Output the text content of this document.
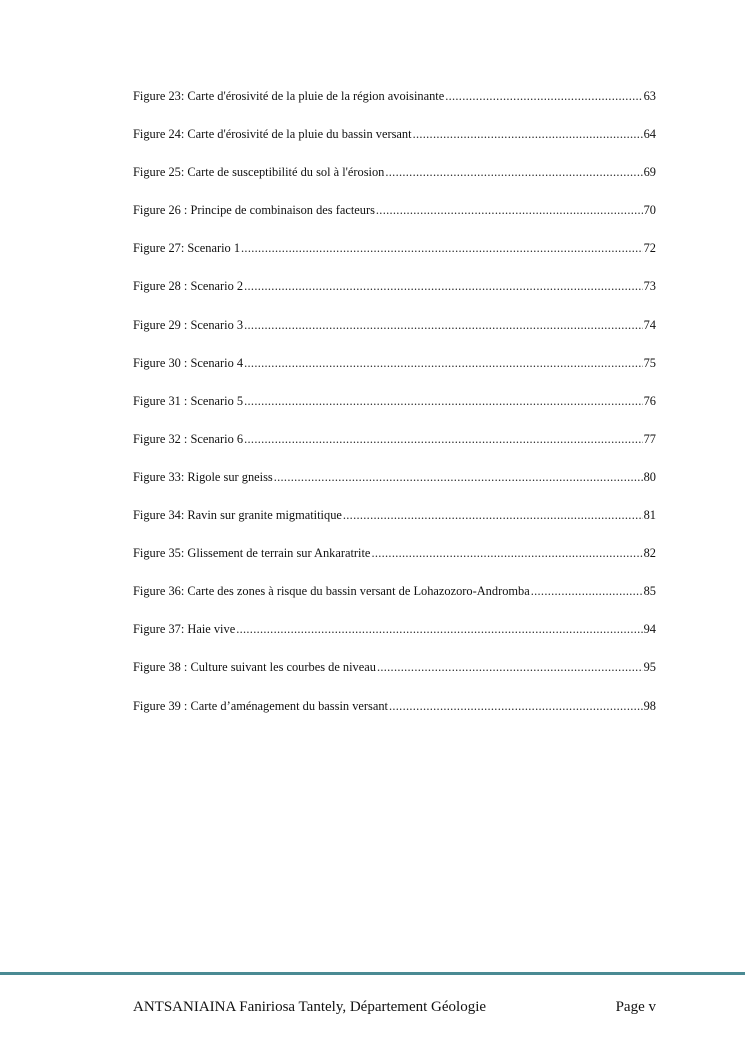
Figure 23: Carte d'érosivité de la pluie de la région avoisinante .....	63
Figure 24: Carte d'érosivité de la pluie du bassin versant .....	64
Figure 25: Carte de susceptibilité du sol à l'érosion .....	69
Figure 26 : Principe de combinaison des facteurs .....	70
Figure 27: Scenario 1 .....	72
Figure 28 : Scenario 2 .....	73
Figure 29 : Scenario 3 .....	74
Figure 30 : Scenario 4 .....	75
Figure 31 : Scenario 5 .....	76
Figure 32 : Scenario 6 .....	77
Figure 33: Rigole sur gneiss .....	80
Figure 34: Ravin sur granite migmatitique .....	81
Figure 35: Glissement de terrain sur Ankaratrite .....	82
Figure 36: Carte des zones à risque du bassin versant de Lohazozoro-Andromba .....	85
Figure 37: Haie vive .....	94
Figure 38 : Culture suivant les courbes de niveau .....	95
Figure 39 : Carte d’aménagement du bassin versant .....	98
ANTSANIAINA Faniriosa Tantely, Département Géologie	Page v
